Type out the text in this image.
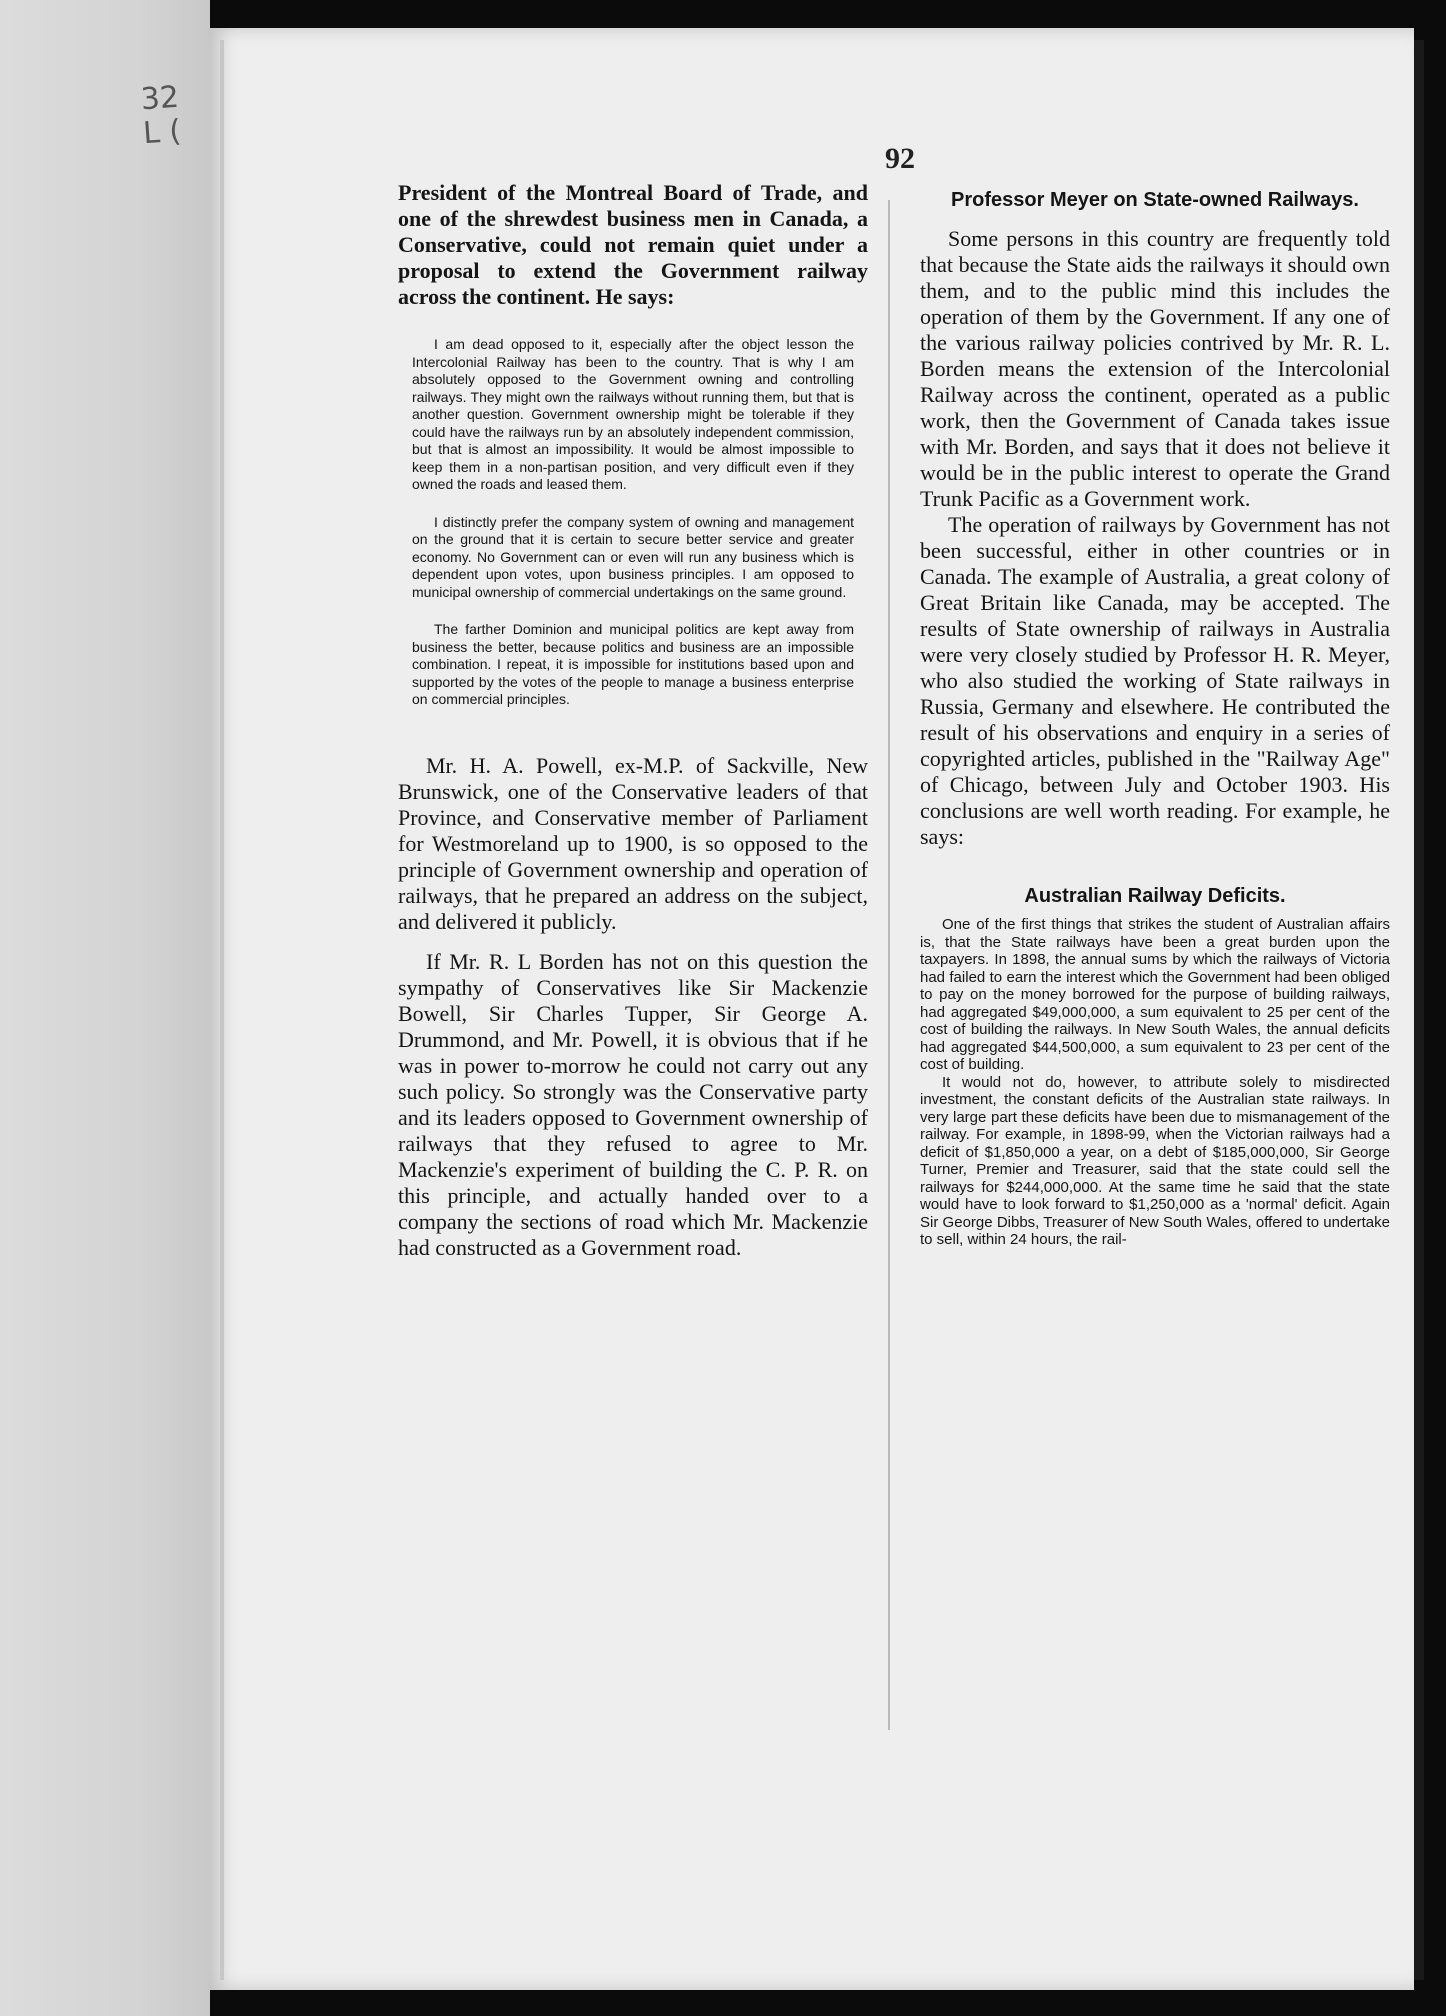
32
L (
92

President of the Montreal Board of Trade, and one of the shrewdest business men in Canada, a Conservative, could not remain quiet under a proposal to extend the Government railway across the continent. He says:

I am dead opposed to it, especially after the object lesson the Intercolonial Railway has been to the country. That is why I am absolutely opposed to the Government owning and controlling railways. They might own the railways without running them, but that is another question. Government ownership might be tolerable if they could have the railways run by an absolutely independent commission, but that is almost an impossibility. It would be almost impossible to keep them in a non-partisan position, and very difficult even if they owned the roads and leased them.

I distinctly prefer the company system of owning and management on the ground that it is certain to secure better service and greater economy. No Government can or even will run any business which is dependent upon votes, upon business principles. I am opposed to municipal ownership of commercial undertakings on the same ground.

The farther Dominion and municipal politics are kept away from business the better, because politics and business are an impossible combination. I repeat, it is impossible for institutions based upon and supported by the votes of the people to manage a business enterprise on commercial principles.

Mr. H. A. Powell, ex-M.P. of Sackville, New Brunswick, one of the Conservative leaders of that Province, and Conservative member of Parliament for Westmoreland up to 1900, is so opposed to the principle of Government ownership and operation of railways, that he prepared an address on the subject, and delivered it publicly.

If Mr. R. L Borden has not on this question the sympathy of Conservatives like Sir Mackenzie Bowell, Sir Charles Tupper, Sir George A. Drummond, and Mr. Powell, it is obvious that if he was in power to-morrow he could not carry out any such policy. So strongly was the Conservative party and its leaders opposed to Government ownership of railways that they refused to agree to Mr. Mackenzie's experiment of building the C. P. R. on this principle, and actually handed over to a company the sections of road which Mr. Mackenzie had constructed as a Government road.

Professor Meyer on State-owned Railways.

Some persons in this country are frequently told that because the State aids the railways it should own them, and to the public mind this includes the operation of them by the Government. If any one of the various railway policies contrived by Mr. R. L. Borden means the extension of the Intercolonial Railway across the continent, operated as a public work, then the Government of Canada takes issue with Mr. Borden, and says that it does not believe it would be in the public interest to operate the Grand Trunk Pacific as a Government work.

The operation of railways by Government has not been successful, either in other countries or in Canada. The example of Australia, a great colony of Great Britain like Canada, may be accepted. The results of State ownership of railways in Australia were very closely studied by Professor H. R. Meyer, who also studied the working of State railways in Russia, Germany and elsewhere. He contributed the result of his observations and enquiry in a series of copyrighted articles, published in the "Railway Age" of Chicago, between July and October 1903. His conclusions are well worth reading. For example, he says:

Australian Railway Deficits.

One of the first things that strikes the student of Australian affairs is, that the State railways have been a great burden upon the taxpayers. In 1898, the annual sums by which the railways of Victoria had failed to earn the interest which the Government had been obliged to pay on the money borrowed for the purpose of building railways, had aggregated $49,000,000, a sum equivalent to 25 per cent of the cost of building the railways. In New South Wales, the annual deficits had aggregated $44,500,000, a sum equivalent to 23 per cent of the cost of building.

It would not do, however, to attribute solely to misdirected investment, the constant deficits of the Australian state railways. In very large part these deficits have been due to mismanagement of the railway. For example, in 1898-99, when the Victorian railways had a deficit of $1,850,000 a year, on a debt of $185,000,000, Sir George Turner, Premier and Treasurer, said that the state could sell the railways for $244,000,000. At the same time he said that the state would have to look forward to $1,250,000 as a 'normal' deficit. Again Sir George Dibbs, Treasurer of New South Wales, offered to undertake to sell, within 24 hours, the rail-
